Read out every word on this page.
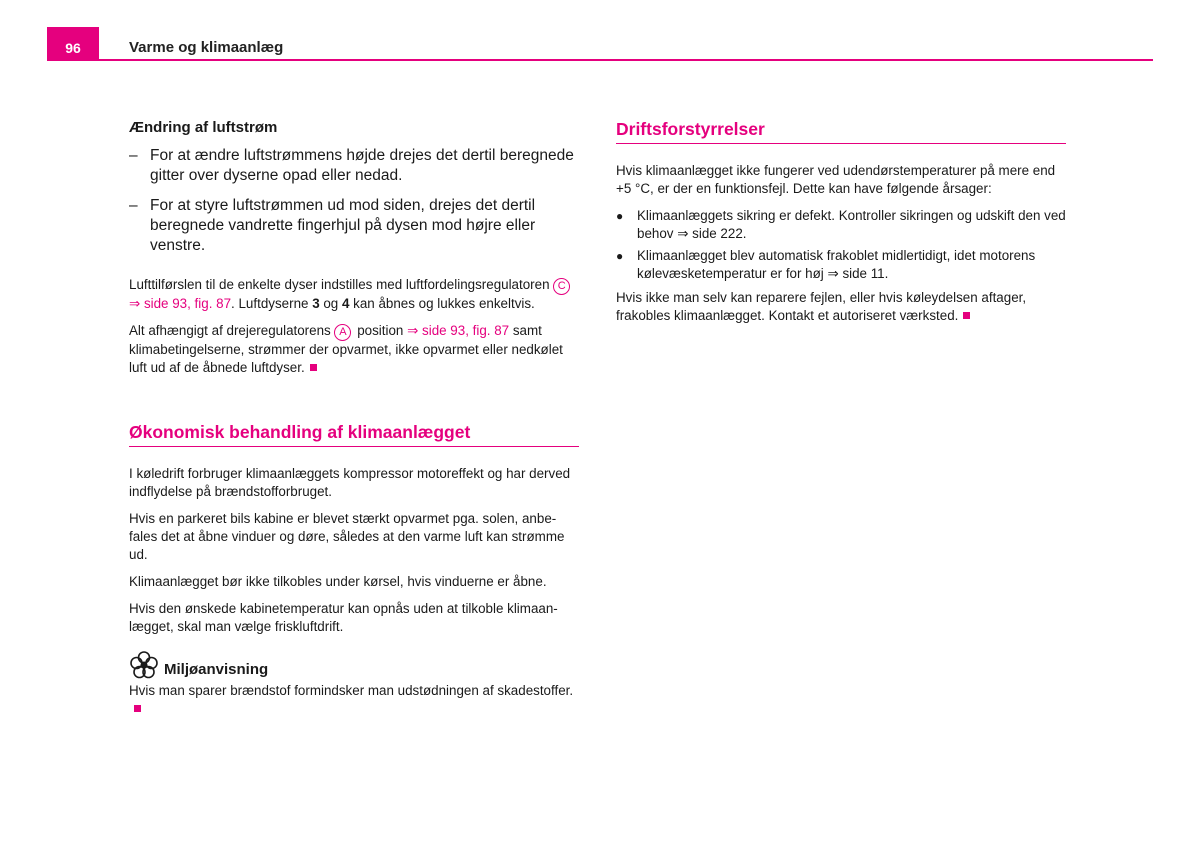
96	Varme og klimaanlæg
Ændring af luftstrøm
– For at ændre luftstrømmens højde drejes det dertil beregnede gitter over dyserne opad eller nedad.
– For at styre luftstrømmen ud mod siden, drejes det dertil beregnede vandrette fingerhjul på dysen mod højre eller venstre.

Lufttilførslen til de enkelte dyser indstilles med luftfordelingsregulatoren C ⇒ side 93, fig. 87. Luftdyserne 3 og 4 kan åbnes og lukkes enkeltvis.

Alt afhængigt af drejeregulatorens A position ⇒ side 93, fig. 87 samt klimabetingelserne, strømmer der opvarmet, ikke opvarmet eller nedkølet luft ud af de åbnede luftdyser.

Økonomisk behandling af klimaanlægget

I køledrift forbruger klimaanlæggets kompressor motoreffekt og har derved indflydelse på brændstofforbruget.

Hvis en parkeret bils kabine er blevet stærkt opvarmet pga. solen, anbe-fales det at åbne vinduer og døre, således at den varme luft kan strømme ud.

Klimaanlægget bør ikke tilkobles under kørsel, hvis vinduerne er åbne.

Hvis den ønskede kabinetemperatur kan opnås uden at tilkoble klimaan-lægget, skal man vælge friskluftdrift.

Miljøanvisning

Hvis man sparer brændstof formindsker man udstødningen af skadestoffer.

Driftsforstyrrelser

Hvis klimaanlægget ikke fungerer ved udendørstemperaturer på mere end +5 °C, er der en funktionsfejl. Dette kan have følgende årsager:

●	Klimaanlæggets sikring er defekt. Kontroller sikringen og udskift den ved behov ⇒ side 222.
●	Klimaanlægget blev automatisk frakoblet midlertidigt, idet motorens kølevæsketemperatur er for høj ⇒ side 11.

Hvis ikke man selv kan reparere fejlen, eller hvis køleydelsen aftager, frakobles klimaanlægget. Kontakt et autoriseret værksted.
